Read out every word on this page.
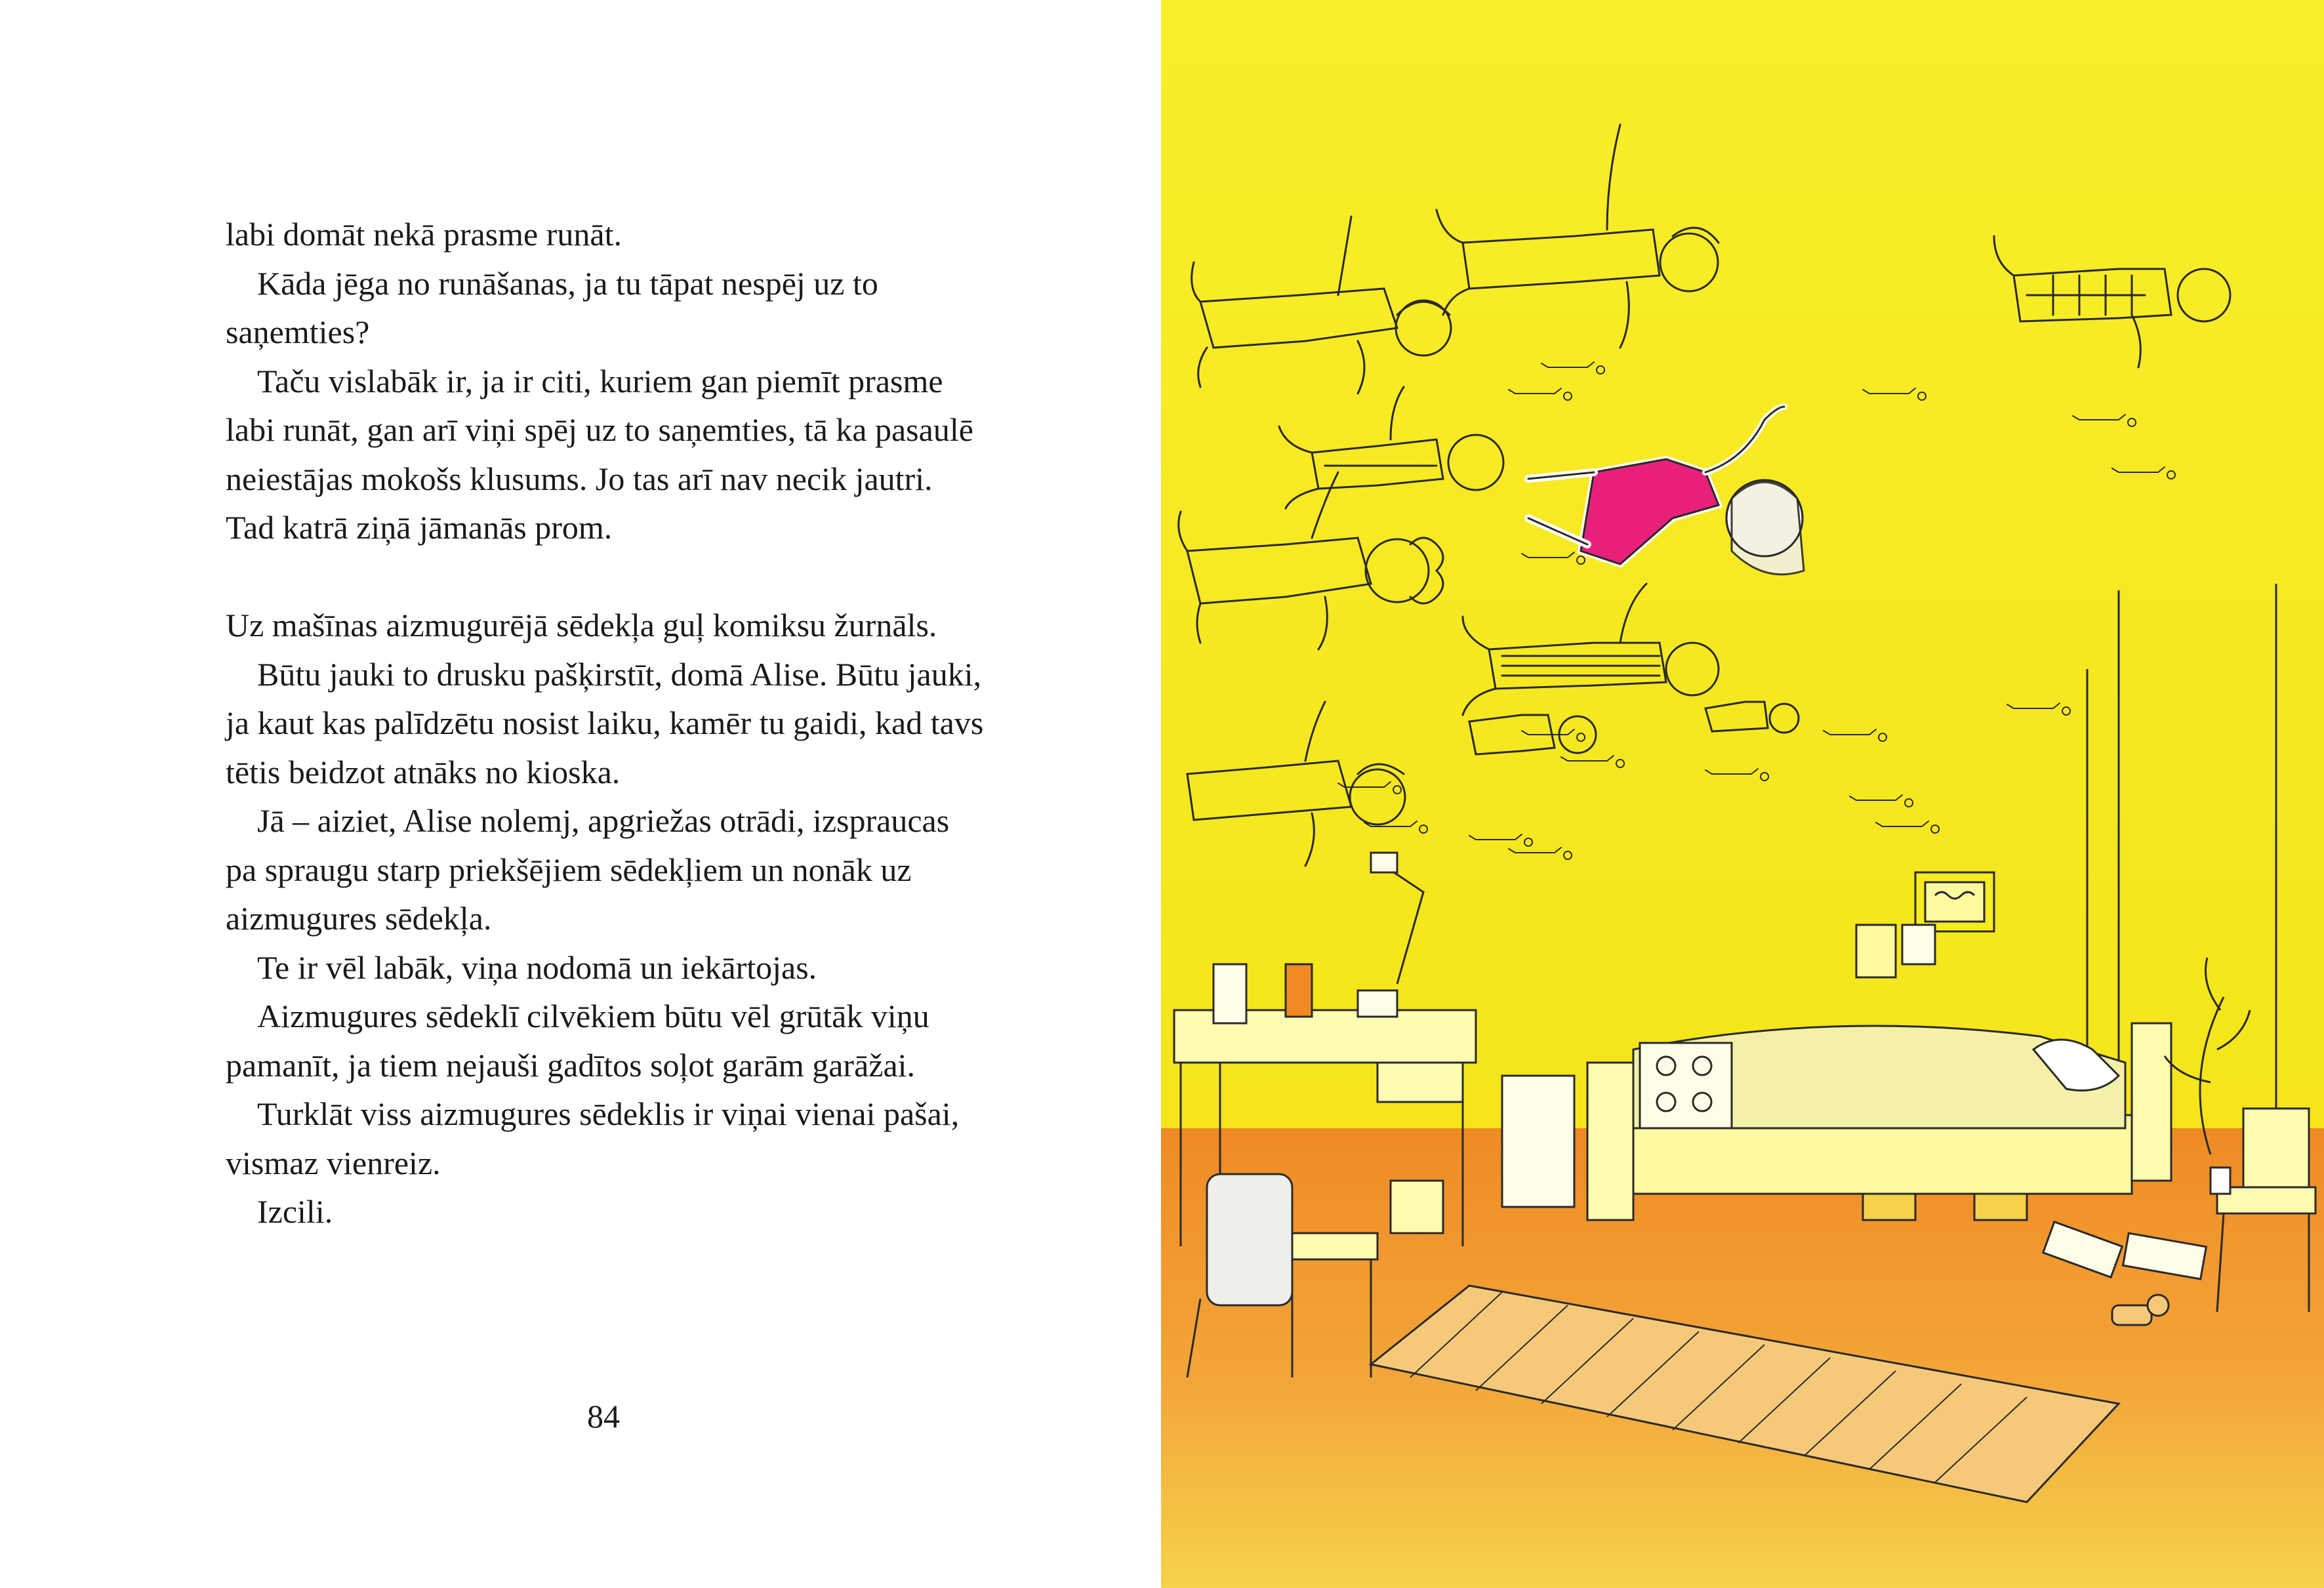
labi domāt nekā prasme runāt.

Kāda jēga no runāšanas, ja tu tāpat nespēj uz to saņemties?

Taču vislabāk ir, ja ir citi, kuriem gan piemīt prasme labi runāt, gan arī viņi spēj uz to saņemties, tā ka pasaulē neiestājas mokošs klusums. Jo tas arī nav necik jautri. Tad katrā ziņā jāmanās prom.

Uz mašīnas aizmugurējā sēdekļa guļ komiksu žurnāls.

Būtu jauki to drusku pašķirstīt, domā Alise. Būtu jauki, ja kaut kas palīdzētu nosist laiku, kamēr tu gaidi, kad tavs tētis beidzot atnāks no kioska.

Jā – aiziet, Alise nolemj, apgriežas otrādi, izspraucas pa spraugu starp priekšējiem sēdekļiem un nonāk uz aizmugures sēdekļa.

Te ir vēl labāk, viņa nodomā un iekārtojas.

Aizmugures sēdeklī cilvēkiem būtu vēl grūtāk viņu pamanīt, ja tiem nejauši gadītos soļot garām garāžai.

Turklāt viss aizmugures sēdeklis ir viņai vienai pašai, vismaz vienreiz.

Izcili.

84
